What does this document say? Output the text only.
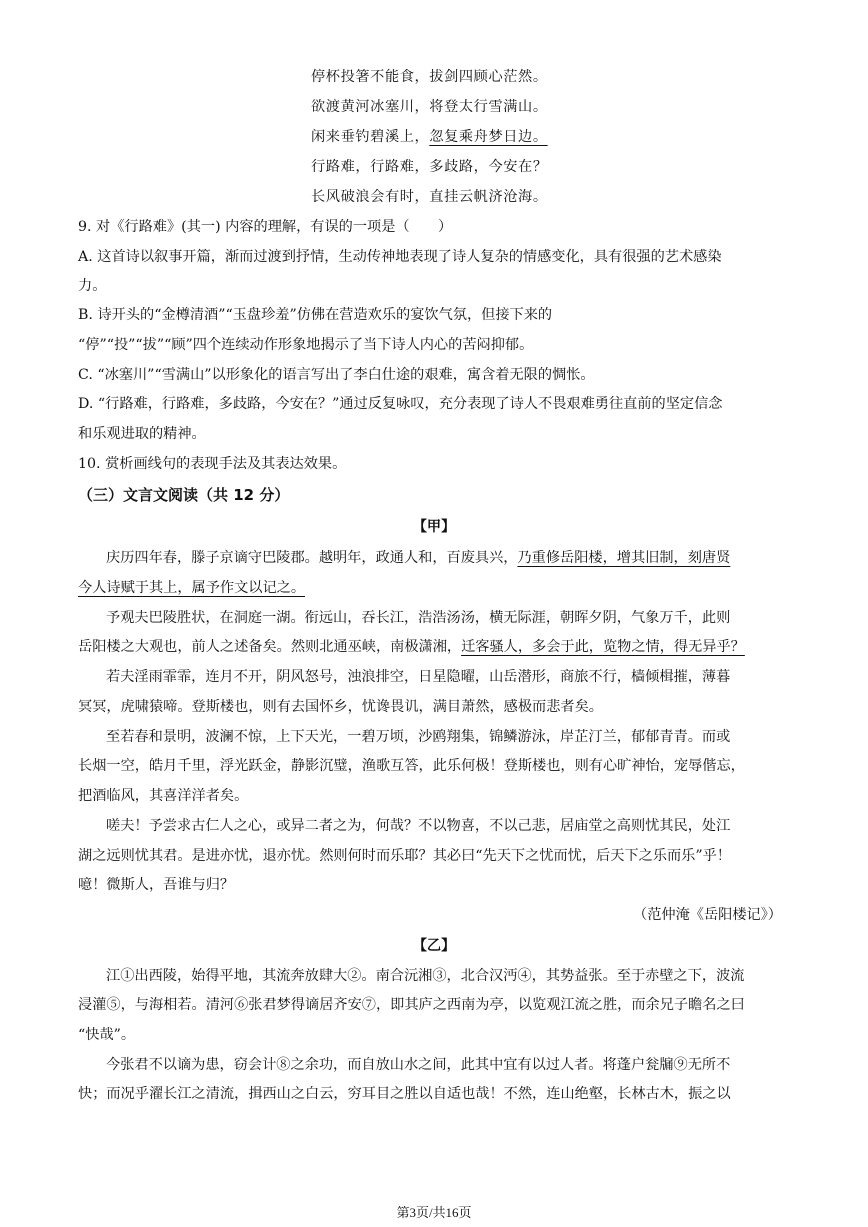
停杯投箸不能食，拔剑四顾心茫然。
欲渡黄河冰塞川，将登太行雪满山。
闲来垂钓碧溪上，忽复乘舟梦日边。
行路难，行路难，多歧路，今安在？
长风破浪会有时，直挂云帆济沧海。
9. 对《行路难》(其一) 内容的理解，有误的一项是（　　）
A. 这首诗以叙事开篇，渐而过渡到抒情，生动传神地表现了诗人复杂的情感变化，具有很强的艺术感染
力。
B. 诗开头的“金樽清酒”“玉盘珍羞”仿佛在营造欢乐的宴饮气氛，但接下来的
“停”“投”“拔”“顾”四个连续动作形象地揭示了当下诗人内心的苦闷抑郁。
C. “冰塞川”“雪满山”以形象化的语言写出了李白仕途的艰难，寓含着无限的惆怅。
D. “行路难，行路难，多歧路，今安在？”通过反复咏叹，充分表现了诗人不畏艰难勇往直前的坚定信念
和乐观进取的精神。
10. 赏析画线句的表现手法及其表达效果。
（三）文言文阅读（共 12 分）
【甲】
庆历四年春，滕子京谪守巴陵郡。越明年，政通人和，百废具兴，乃重修岳阳楼，增其旧制，刻唐贤
今人诗赋于其上，属予作文以记之。
予观夫巴陵胜状，在洞庭一湖。衔远山，吞长江，浩浩汤汤，横无际涯，朝晖夕阴，气象万千，此则
岳阳楼之大观也，前人之述备矣。然则北通巫峡，南极潇湘，迁客骚人，多会于此，览物之情，得无异乎？
若夫淫雨霏霏，连月不开，阴风怒号，浊浪排空，日星隐曜，山岳潜形，商旅不行，樯倾楫摧，薄暮
冥冥，虎啸猿啼。登斯楼也，则有去国怀乡，忧谗畏讥，满目萧然，感极而悲者矣。
至若春和景明，波澜不惊，上下天光，一碧万顷，沙鸥翔集，锦鳞游泳，岸芷汀兰，郁郁青青。而或
长烟一空，皓月千里，浮光跃金，静影沉璧，渔歌互答，此乐何极！登斯楼也，则有心旷神怡，宠辱偕忘，
把酒临风，其喜洋洋者矣。
嗟夫！予尝求古仁人之心，或异二者之为，何哉？不以物喜，不以己悲，居庙堂之高则忧其民，处江
湖之远则忧其君。是进亦忧，退亦忧。然则何时而乐耶？其必曰“先天下之忧而忧，后天下之乐而乐”乎！
噫！微斯人，吾谁与归？
（范仲淹《岳阳楼记》）
【乙】
江①出西陵，始得平地，其流奔放肆大②。南合沅湘③，北合汉沔④，其势益张。至于赤壁之下，波流
浸灌⑤，与海相若。清河⑥张君梦得谪居齐安⑦，即其庐之西南为亭，以览观江流之胜，而余兄子瞻名之曰
“快哉”。
今张君不以谪为患，窃会计⑧之余功，而自放山水之间，此其中宜有以过人者。将蓬户瓮牖⑨无所不
快；而况乎濯长江之清流，揖西山之白云，穷耳目之胜以自适也哉！不然，连山绝壑，长林古木，振之以
第3页/共16页
